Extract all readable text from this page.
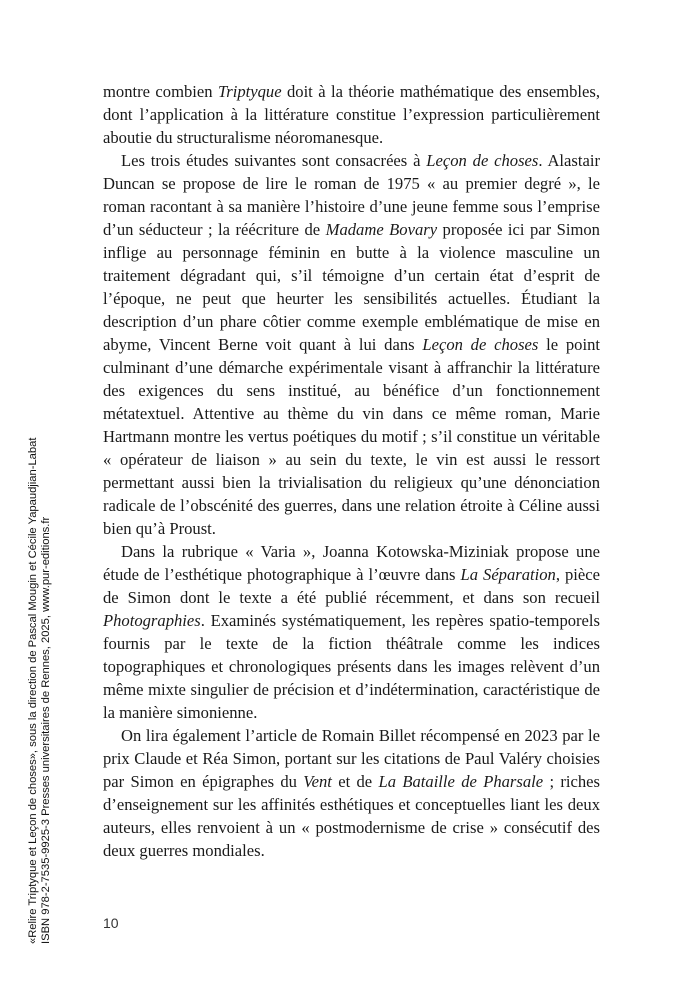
«Relire Triptyque et Leçon de choses», sous la direction de Pascal Mougin et Cécile Yapaudjian-Labat ISBN 978-2-7535-9925-3 Presses universitaires de Rennes, 2025, www.pur-editions.fr

montre combien Triptyque doit à la théorie mathématique des ensembles, dont l’application à la littérature constitue l’expression particulièrement aboutie du structuralisme néoromanesque.

Les trois études suivantes sont consacrées à Leçon de choses. Alastair Duncan se propose de lire le roman de 1975 « au premier degré », le roman racontant à sa manière l’histoire d’une jeune femme sous l’emprise d’un séducteur ; la réécriture de Madame Bovary proposée ici par Simon inflige au personnage féminin en butte à la violence masculine un traitement dégradant qui, s’il témoigne d’un certain état d’esprit de l’époque, ne peut que heurter les sensibilités actuelles. Étudiant la description d’un phare côtier comme exemple emblématique de mise en abyme, Vincent Berne voit quant à lui dans Leçon de choses le point culminant d’une démarche expérimentale visant à affranchir la littérature des exigences du sens institué, au bénéfice d’un fonctionnement métatextuel. Attentive au thème du vin dans ce même roman, Marie Hartmann montre les vertus poétiques du motif ; s’il constitue un véritable « opérateur de liaison » au sein du texte, le vin est aussi le ressort permettant aussi bien la trivialisation du religieux qu’une dénonciation radicale de l’obscénité des guerres, dans une relation étroite à Céline aussi bien qu’à Proust.

Dans la rubrique « Varia », Joanna Kotowska-Miziniak propose une étude de l’esthétique photographique à l’œuvre dans La Séparation, pièce de Simon dont le texte a été publié récemment, et dans son recueil Photographies. Examinés systématiquement, les repères spatio-temporels fournis par le texte de la fiction théâtrale comme les indices topographiques et chronologiques présents dans les images relèvent d’un même mixte singulier de précision et d’indétermination, caractéristique de la manière simonienne.

On lira également l’article de Romain Billet récompensé en 2023 par le prix Claude et Réa Simon, portant sur les citations de Paul Valéry choisies par Simon en épigraphes du Vent et de La Bataille de Pharsale ; riches d’enseignement sur les affinités esthétiques et conceptuelles liant les deux auteurs, elles renvoient à un « postmodernisme de crise » consécutif des deux guerres mondiales.

10
